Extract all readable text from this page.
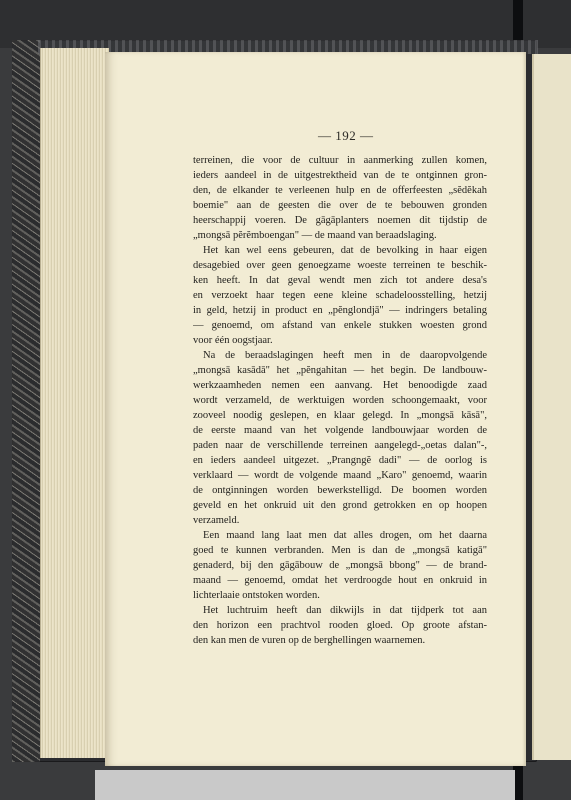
— 192 —
terreinen, die voor de cultuur in aanmerking zullen komen,
ieders aandeel in de uitgestrektheid van de te ontginnen gron-
den, de elkander te verleenen hulp en de offerfeesten „sĕdĕkah
boemie" aan de geesten die over de te bebouwen gronden
heerschappij voeren. De gāgāplanters noemen dit tijdstip de
„mongsā pĕrĕmboengan" — de maand van beraadslaging.
Het kan wel eens gebeuren, dat de bevolking in haar eigen
desagebied over geen genoegzame woeste terreinen te beschik-
ken heeft. In dat geval wendt men zich tot andere desa's
en verzoekt haar tegen eene kleine schadeloosstelling, hetzij
in geld, hetzij in product en „pĕnglondjā" — indringers betaling
— genoemd, om afstand van enkele stukken woesten grond
voor één oogstjaar.
Na de beraadslagingen heeft men in de daaropvolgende
„mongsā kasādā" het „pĕngahitan — het begin. De landbouw-
werkzaamheden nemen een aanvang. Het benoodigde zaad
wordt verzameld, de werktuigen worden schoongemaakt, voor
zooveel noodig geslepen, en klaar gelegd. In „mongsā kāsā",
de eerste maand van het volgende landbouwjaar worden de
paden naar de verschillende terreinen aangelegd-„oetas dalan"-,
en ieders aandeel uitgezet. „Prangngĕ dadi" — de oorlog is
verklaard — wordt de volgende maand „Karo" genoemd, waarin
de ontginningen worden bewerkstelligd. De boomen worden
geveld en het onkruid uit den grond getrokken en op hoopen
verzameld.
Een maand lang laat men dat alles drogen, om het daarna
goed te kunnen verbranden. Men is dan de „mongsā katigā"
genaderd, bij den gāgābouw de „mongsā bbong" — de brand-
maand — genoemd, omdat het verdroogde hout en onkruid in
lichterlaaie ontstoken worden.
Het luchtruim heeft dan dikwijls in dat tijdperk tot aan
den horizon een prachtvol rooden gloed. Op groote afstan-
den kan men de vuren op de berghellingen waarnemen.
